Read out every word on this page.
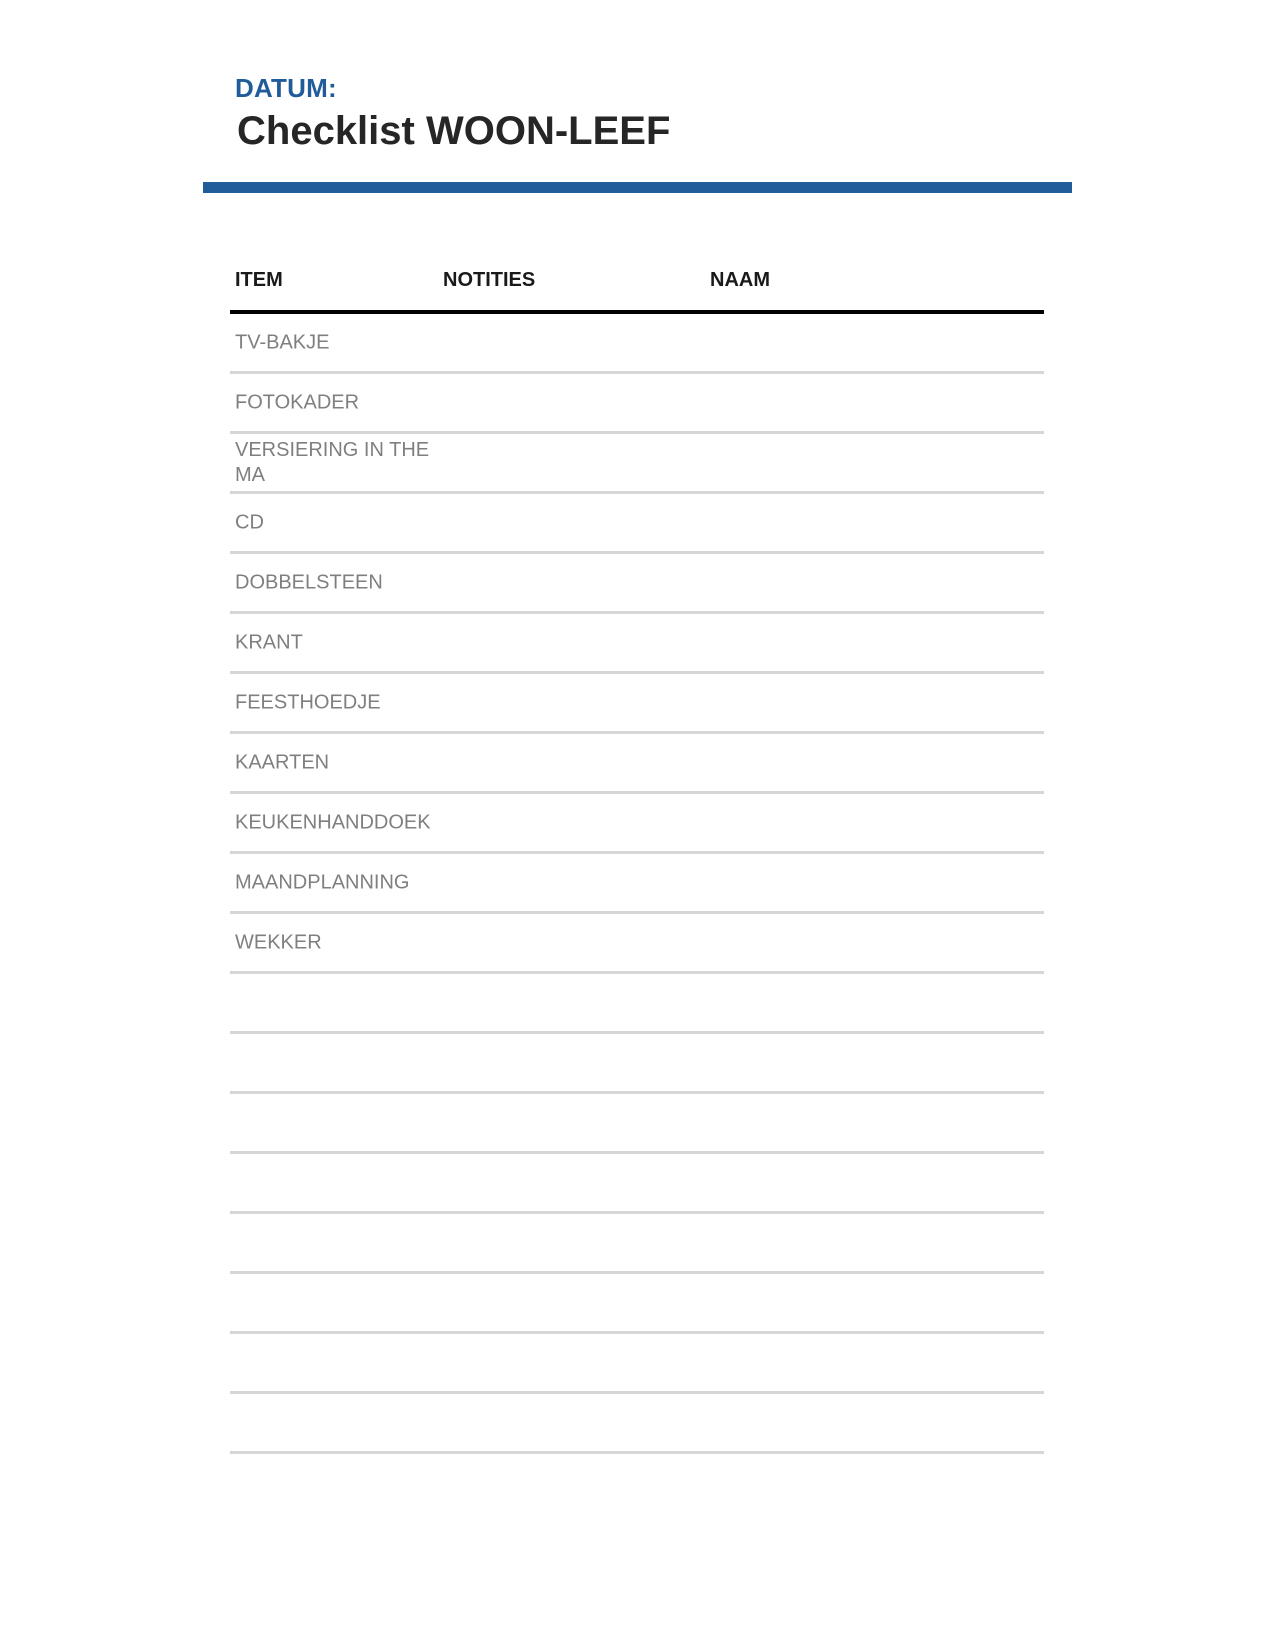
DATUM:
Checklist WOON-LEEF
ITEM	NOTITIES	NAAM
TV-BAKJE
FOTOKADER
VERSIERING IN THEMA
CD
DOBBELSTEEN
KRANT
FEESTHOEDJE
KAARTEN
KEUKENHANDDOEK
MAANDPLANNING
WEKKER
